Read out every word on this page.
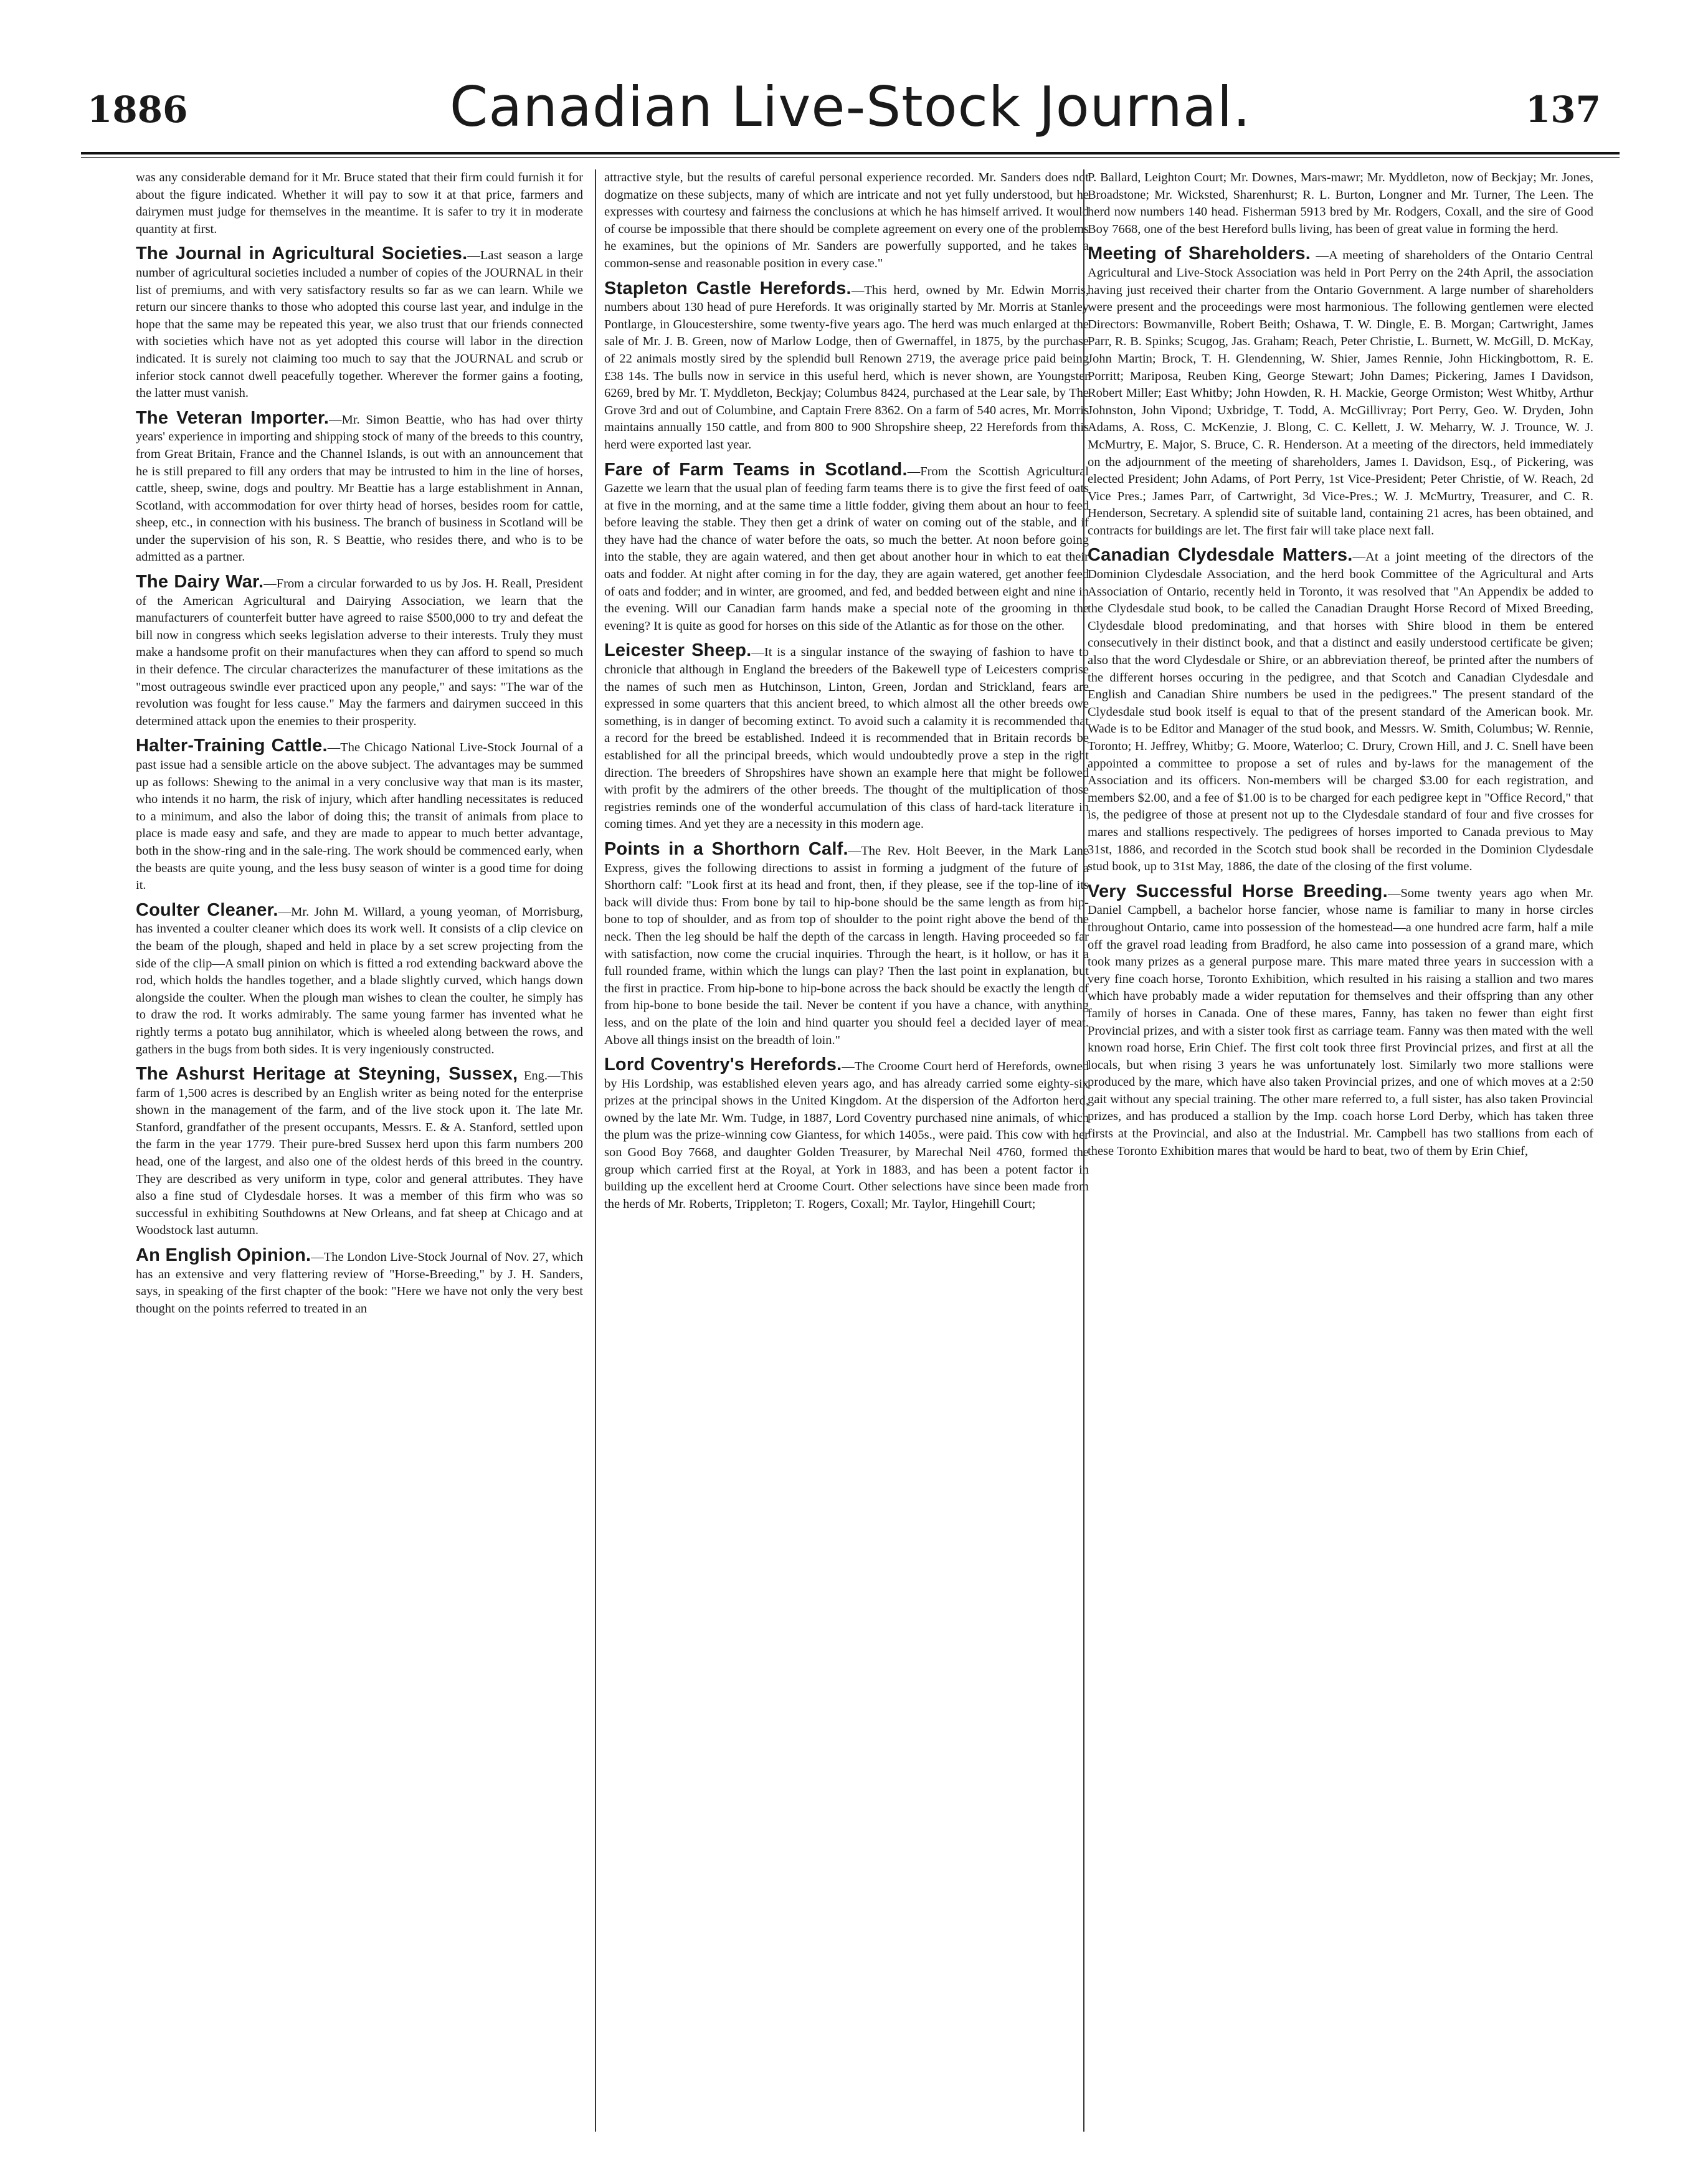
1886	Canadian Live-Stock Journal.	137

was any considerable demand for it Mr. Bruce stated that their firm could furnish it for about the figure indicated. Whether it will pay to sow it at that price, farmers and dairymen must judge for themselves in the meantime. It is safer to try it in moderate quantity at first.

The Journal in Agricultural Societies.—Last season a large number of agricultural societies included a number of copies of the JOURNAL in their list of premiums, and with very satisfactory results so far as we can learn. While we return our sincere thanks to those who adopted this course last year, and indulge in the hope that the same may be repeated this year, we also trust that our friends connected with societies which have not as yet adopted this course will labor in the direction indicated. It is surely not claiming too much to say that the JOURNAL and scrub or inferior stock cannot dwell peacefully together. Wherever the former gains a footing, the latter must vanish.

The Veteran Importer.—Mr. Simon Beattie, who has had over thirty years' experience in importing and shipping stock of many of the breeds to this country, from Great Britain, France and the Channel Islands, is out with an announcement that he is still prepared to fill any orders that may be intrusted to him in the line of horses, cattle, sheep, swine, dogs and poultry. Mr Beattie has a large establishment in Annan, Scotland, with accommodation for over thirty head of horses, besides room for cattle, sheep, etc., in connection with his business. The branch of business in Scotland will be under the supervision of his son, R. S Beattie, who resides there, and who is to be admitted as a partner.

The Dairy War.—From a circular forwarded to us by Jos. H. Reall, President of the American Agricultural and Dairying Association, we learn that the manufacturers of counterfeit butter have agreed to raise $500,000 to try and defeat the bill now in congress which seeks legislation adverse to their interests. Truly they must make a handsome profit on their manufactures when they can afford to spend so much in their defence. The circular characterizes the manufacturer of these imitations as the "most outrageous swindle ever practiced upon any people," and says: "The war of the revolution was fought for less cause." May the farmers and dairymen succeed in this determined attack upon the enemies to their prosperity.

Halter-Training Cattle.—The Chicago National Live-Stock Journal of a past issue had a sensible article on the above subject. The advantages may be summed up as follows: Shewing to the animal in a very conclusive way that man is its master, who intends it no harm, the risk of injury, which after handling necessitates is reduced to a minimum, and also the labor of doing this; the transit of animals from place to place is made easy and safe, and they are made to appear to much better advantage, both in the show-ring and in the sale-ring. The work should be commenced early, when the beasts are quite young, and the less busy season of winter is a good time for doing it.

Coulter Cleaner.—Mr. John M. Willard, a young yeoman, of Morrisburg, has invented a coulter cleaner which does its work well. It consists of a clip clevice on the beam of the plough, shaped and held in place by a set screw projecting from the side of the clip—A small pinion on which is fitted a rod extending backward above the rod, which holds the handles together, and a blade slightly curved, which hangs down alongside the coulter. When the plough man wishes to clean the coulter, he simply has to draw the rod. It works admirably. The same young farmer has invented what he rightly terms a potato bug annihilator, which is wheeled along between the rows, and gathers in the bugs from both sides. It is very ingeniously constructed.

The Ashurst Heritage at Steyning, Sussex, Eng.—This farm of 1,500 acres is described by an English writer as being noted for the enterprise shown in the management of the farm, and of the live stock upon it. The late Mr. Stanford, grandfather of the present occupants, Messrs. E. & A. Stanford, settled upon the farm in the year 1779. Their pure-bred Sussex herd upon this farm numbers 200 head, one of the largest, and also one of the oldest herds of this breed in the country. They are described as very uniform in type, color and general attributes. They have also a fine stud of Clydesdale horses. It was a member of this firm who was so successful in exhibiting Southdowns at New Orleans, and fat sheep at Chicago and at Woodstock last autumn.

An English Opinion.—The London Live-Stock Journal of Nov. 27, which has an extensive and very flattering review of "Horse-Breeding," by J. H. Sanders, says, in speaking of the first chapter of the book: "Here we have not only the very best thought on the points referred to treated in an

attractive style, but the results of careful personal experience recorded. Mr. Sanders does not dogmatize on these subjects, many of which are intricate and not yet fully understood, but he expresses with courtesy and fairness the conclusions at which he has himself arrived. It would of course be impossible that there should be complete agreement on every one of the problems he examines, but the opinions of Mr. Sanders are powerfully supported, and he takes a common-sense and reasonable position in every case."

Stapleton Castle Herefords.—This herd, owned by Mr. Edwin Morris, numbers about 130 head of pure Herefords. It was originally started by Mr. Morris at Stanley Pontlarge, in Gloucestershire, some twenty-five years ago. The herd was much enlarged at the sale of Mr. J. B. Green, now of Marlow Lodge, then of Gwernaffel, in 1875, by the purchase of 22 animals mostly sired by the splendid bull Renown 2719, the average price paid being £38 14s. The bulls now in service in this useful herd, which is never shown, are Youngster 6269, bred by Mr. T. Myddleton, Beckjay; Columbus 8424, purchased at the Lear sale, by The Grove 3rd and out of Columbine, and Captain Frere 8362. On a farm of 540 acres, Mr. Morris maintains annually 150 cattle, and from 800 to 900 Shropshire sheep, 22 Herefords from this herd were exported last year.

Fare of Farm Teams in Scotland.—From the Scottish Agricultural Gazette we learn that the usual plan of feeding farm teams there is to give the first feed of oats at five in the morning, and at the same time a little fodder, giving them about an hour to feed before leaving the stable. They then get a drink of water on coming out of the stable, and if they have had the chance of water before the oats, so much the better. At noon before going into the stable, they are again watered, and then get about another hour in which to eat their oats and fodder. At night after coming in for the day, they are again watered, get another feed of oats and fodder; and in winter, are groomed, and fed, and bedded between eight and nine in the evening. Will our Canadian farm hands make a special note of the grooming in the evening? It is quite as good for horses on this side of the Atlantic as for those on the other.

Leicester Sheep.—It is a singular instance of the swaying of fashion to have to chronicle that although in England the breeders of the Bakewell type of Leicesters comprise the names of such men as Hutchinson, Linton, Green, Jordan and Strickland, fears are expressed in some quarters that this ancient breed, to which almost all the other breeds owe something, is in danger of becoming extinct. To avoid such a calamity it is recommended that a record for the breed be established. Indeed it is recommended that in Britain records be established for all the principal breeds, which would undoubtedly prove a step in the right direction. The breeders of Shropshires have shown an example here that might be followed with profit by the admirers of the other breeds. The thought of the multiplication of those registries reminds one of the wonderful accumulation of this class of hard-tack literature in coming times. And yet they are a necessity in this modern age.

Points in a Shorthorn Calf.—The Rev. Holt Beever, in the Mark Lane Express, gives the following directions to assist in forming a judgment of the future of a Shorthorn calf: "Look first at its head and front, then, if they please, see if the top-line of its back will divide thus: From bone by tail to hip-bone should be the same length as from hip-bone to top of shoulder, and as from top of shoulder to the point right above the bend of the neck. Then the leg should be half the depth of the carcass in length. Having proceeded so far with satisfaction, now come the crucial inquiries. Through the heart, is it hollow, or has it a full rounded frame, within which the lungs can play? Then the last point in explanation, but the first in practice. From hip-bone to hip-bone across the back should be exactly the length of from hip-bone to bone beside the tail. Never be content if you have a chance, with anything less, and on the plate of the loin and hind quarter you should feel a decided layer of meat. Above all things insist on the breadth of loin."

Lord Coventry's Herefords.—The Croome Court herd of Herefords, owned by His Lordship, was established eleven years ago, and has already carried some eighty-six prizes at the principal shows in the United Kingdom. At the dispersion of the Adforton herd, owned by the late Mr. Wm. Tudge, in 1887, Lord Coventry purchased nine animals, of which the plum was the prize-winning cow Giantess, for which 1405s., were paid. This cow with her son Good Boy 7668, and daughter Golden Treasurer, by Marechal Neil 4760, formed the group which carried first at the Royal, at York in 1883, and has been a potent factor in building up the excellent herd at Croome Court. Other selections have since been made from the herds of Mr. Roberts, Trippleton; T. Rogers, Coxall; Mr. Taylor, Hingehill Court;

P. Ballard, Leighton Court; Mr. Downes, Mars-mawr; Mr. Myddleton, now of Beckjay; Mr. Jones, Broadstone; Mr. Wicksted, Sharenhurst; R. L. Burton, Longner and Mr. Turner, The Leen. The herd now numbers 140 head. Fisherman 5913 bred by Mr. Rodgers, Coxall, and the sire of Good Boy 7668, one of the best Hereford bulls living, has been of great value in forming the herd.

Meeting of Shareholders. —A meeting of shareholders of the Ontario Central Agricultural and Live-Stock Association was held in Port Perry on the 24th April, the association having just received their charter from the Ontario Government. A large number of shareholders were present and the proceedings were most harmonious. The following gentlemen were elected Directors: Bowmanville, Robert Beith; Oshawa, T. W. Dingle, E. B. Morgan; Cartwright, James Parr, R. B. Spinks; Scugog, Jas. Graham; Reach, Peter Christie, L. Burnett, W. McGill, D. McKay, John Martin; Brock, T. H. Glendenning, W. Shier, James Rennie, John Hickingbottom, R. E. Porritt; Mariposa, Reuben King, George Stewart; John Dames; Pickering, James I Davidson, Robert Miller; East Whitby; John Howden, R. H. Mackie, George Ormiston; West Whitby, Arthur Johnston, John Vipond; Uxbridge, T. Todd, A. McGillivray; Port Perry, Geo. W. Dryden, John Adams, A. Ross, C. McKenzie, J. Blong, C. C. Kellett, J. W. Meharry, W. J. Trounce, W. J. McMurtry, E. Major, S. Bruce, C. R. Henderson. At a meeting of the directors, held immediately on the adjournment of the meeting of shareholders, James I. Davidson, Esq., of Pickering, was elected President; John Adams, of Port Perry, 1st Vice-President; Peter Christie, of W. Reach, 2d Vice Pres.; James Parr, of Cartwright, 3d Vice-Pres.; W. J. McMurtry, Treasurer, and C. R. Henderson, Secretary. A splendid site of suitable land, containing 21 acres, has been obtained, and contracts for buildings are let. The first fair will take place next fall.

Canadian Clydesdale Matters.—At a joint meeting of the directors of the Dominion Clydesdale Association, and the herd book Committee of the Agricultural and Arts Association of Ontario, recently held in Toronto, it was resolved that "An Appendix be added to the Clydesdale stud book, to be called the Canadian Draught Horse Record of Mixed Breeding, Clydesdale blood predominating, and that horses with Shire blood in them be entered consecutively in their distinct book, and that a distinct and easily understood certificate be given; also that the word Clydesdale or Shire, or an abbreviation thereof, be printed after the numbers of the different horses occuring in the pedigree, and that Scotch and Canadian Clydesdale and English and Canadian Shire numbers be used in the pedigrees." The present standard of the Clydesdale stud book itself is equal to that of the present standard of the American book. Mr. Wade is to be Editor and Manager of the stud book, and Messrs. W. Smith, Columbus; W. Rennie, Toronto; H. Jeffrey, Whitby; G. Moore, Waterloo; C. Drury, Crown Hill, and J. C. Snell have been appointed a committee to propose a set of rules and by-laws for the management of the Association and its officers. Non-members will be charged $3.00 for each registration, and members $2.00, and a fee of $1.00 is to be charged for each pedigree kept in "Office Record," that is, the pedigree of those at present not up to the Clydesdale standard of four and five crosses for mares and stallions respectively. The pedigrees of horses imported to Canada previous to May 31st, 1886, and recorded in the Scotch stud book shall be recorded in the Dominion Clydesdale stud book, up to 31st May, 1886, the date of the closing of the first volume.

Very Successful Horse Breeding.—Some twenty years ago when Mr. Daniel Campbell, a bachelor horse fancier, whose name is familiar to many in horse circles throughout Ontario, came into possession of the homestead—a one hundred acre farm, half a mile off the gravel road leading from Bradford, he also came into possession of a grand mare, which took many prizes as a general purpose mare. This mare mated three years in succession with a very fine coach horse, Toronto Exhibition, which resulted in his raising a stallion and two mares which have probably made a wider reputation for themselves and their offspring than any other family of horses in Canada. One of these mares, Fanny, has taken no fewer than eight first Provincial prizes, and with a sister took first as carriage team. Fanny was then mated with the well known road horse, Erin Chief. The first colt took three first Provincial prizes, and first at all the locals, but when rising 3 years he was unfortunately lost. Similarly two more stallions were produced by the mare, which have also taken Provincial prizes, and one of which moves at a 2:50 gait without any special training. The other mare referred to, a full sister, has also taken Provincial prizes, and has produced a stallion by the Imp. coach horse Lord Derby, which has taken three firsts at the Provincial, and also at the Industrial. Mr. Campbell has two stallions from each of these Toronto Exhibition mares that would be hard to beat, two of them by Erin Chief,
